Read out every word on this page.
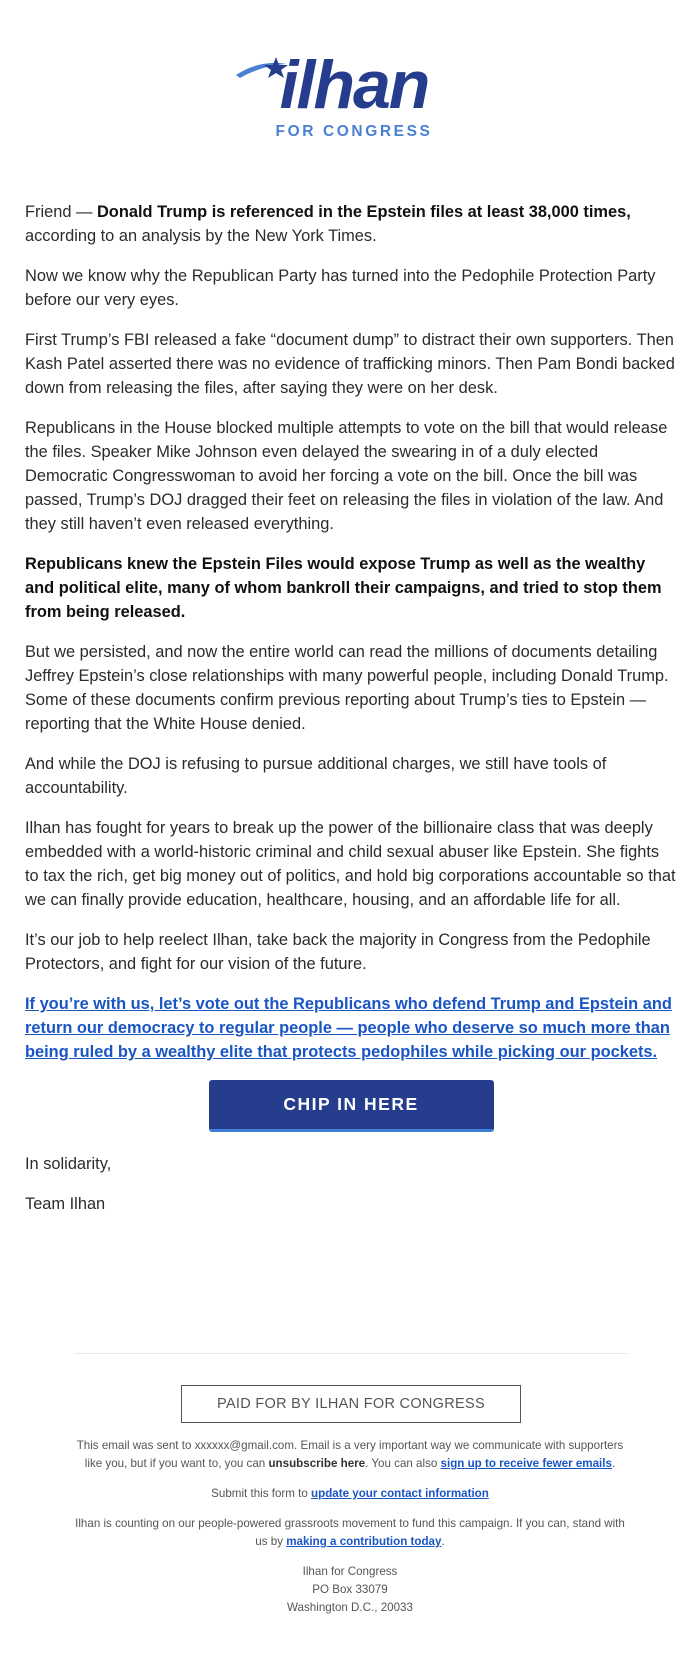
ilhan
FOR CONGRESS

Friend — Donald Trump is referenced in the Epstein files at least 38,000 times, according to an analysis by the New York Times.

Now we know why the Republican Party has turned into the Pedophile Protection Party before our very eyes.

First Trump’s FBI released a fake “document dump” to distract their own supporters. Then Kash Patel asserted there was no evidence of trafficking minors. Then Pam Bondi backed down from releasing the files, after saying they were on her desk.

Republicans in the House blocked multiple attempts to vote on the bill that would release the files. Speaker Mike Johnson even delayed the swearing in of a duly elected Democratic Congresswoman to avoid her forcing a vote on the bill. Once the bill was passed, Trump’s DOJ dragged their feet on releasing the files in violation of the law. And they still haven’t even released everything.

Republicans knew the Epstein Files would expose Trump as well as the wealthy and political elite, many of whom bankroll their campaigns, and tried to stop them from being released.

But we persisted, and now the entire world can read the millions of documents detailing Jeffrey Epstein’s close relationships with many powerful people, including Donald Trump. Some of these documents confirm previous reporting about Trump’s ties to Epstein — reporting that the White House denied.

And while the DOJ is refusing to pursue additional charges, we still have tools of accountability.

Ilhan has fought for years to break up the power of the billionaire class that was deeply embedded with a world-historic criminal and child sexual abuser like Epstein. She fights to tax the rich, get big money out of politics, and hold big corporations accountable so that we can finally provide education, healthcare, housing, and an affordable life for all.

It’s our job to help reelect Ilhan, take back the majority in Congress from the Pedophile Protectors, and fight for our vision of the future.

If you’re with us, let’s vote out the Republicans who defend Trump and Epstein and return our democracy to regular people — people who deserve so much more than being ruled by a wealthy elite that protects pedophiles while picking our pockets.
CHIP IN HERE

In solidarity,

Team Ilhan

PAID FOR BY ILHAN FOR CONGRESS

This email was sent to xxxxxx@gmail.com. Email is a very important way we communicate with supporters like you, but if you want to, you can unsubscribe here. You can also sign up to receive fewer emails.

Submit this form to update your contact information

Ilhan is counting on our people-powered grassroots movement to fund this campaign. If you can, stand with us by making a contribution today.

Ilhan for Congress
PO Box 33079
Washington D.C., 20033
